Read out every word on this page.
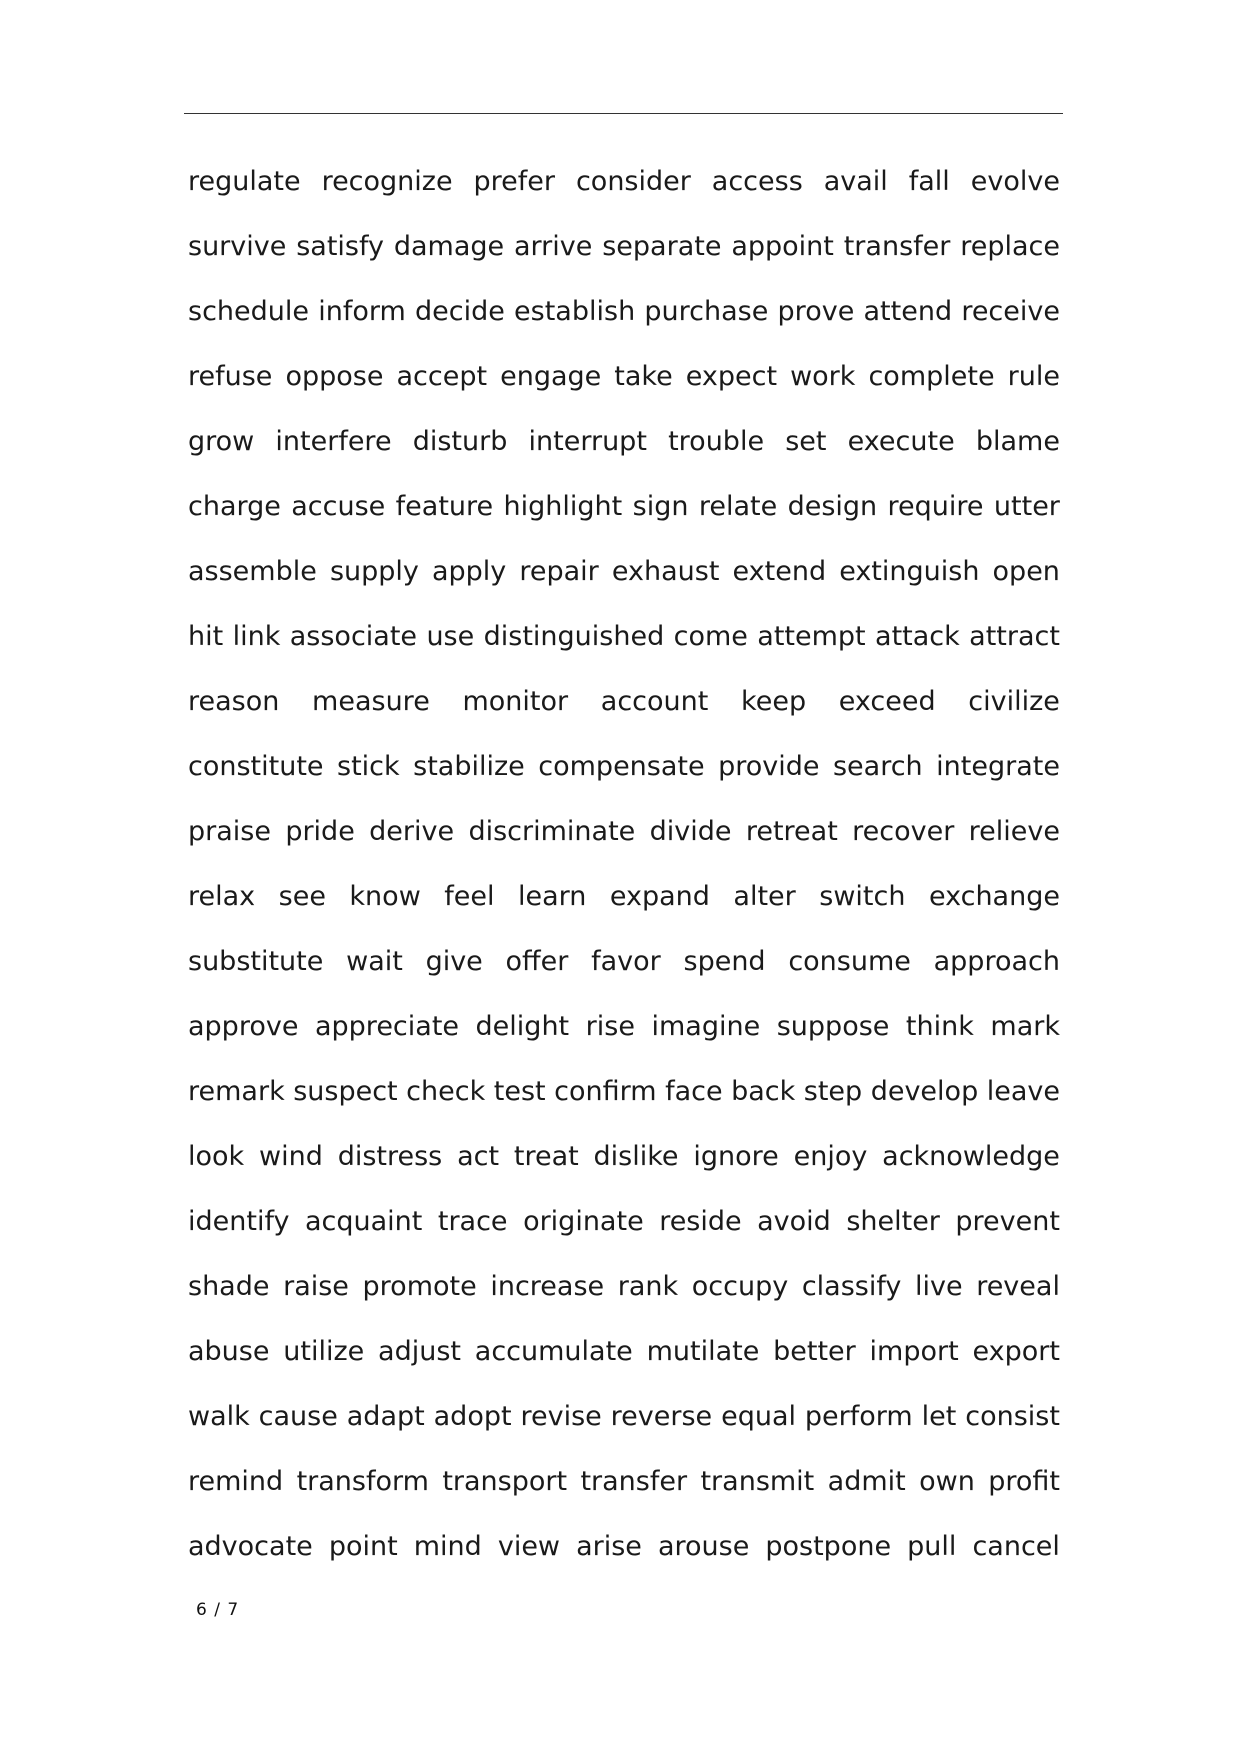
regulate recognize prefer consider access avail fall evolve
survive satisfy damage arrive separate appoint transfer replace
schedule inform decide establish purchase prove attend receive
refuse oppose accept engage take expect work complete rule
grow interfere disturb interrupt trouble set execute blame
charge accuse feature highlight sign relate design require utter
assemble supply apply repair exhaust extend extinguish open
hit link associate use distinguished come attempt attack attract
reason measure monitor account keep exceed civilize
constitute stick stabilize compensate provide search integrate
praise pride derive discriminate divide retreat recover relieve
relax see know feel learn expand alter switch exchange
substitute wait give offer favor spend consume approach
approve appreciate delight rise imagine suppose think mark
remark suspect check test confirm face back step develop leave
look wind distress act treat dislike ignore enjoy acknowledge
identify acquaint trace originate reside avoid shelter prevent
shade raise promote increase rank occupy classify live reveal
abuse utilize adjust accumulate mutilate better import export
walk cause adapt adopt revise reverse equal perform let consist
remind transform transport transfer transmit admit own profit
advocate point mind view arise arouse postpone pull cancel
6 / 7
